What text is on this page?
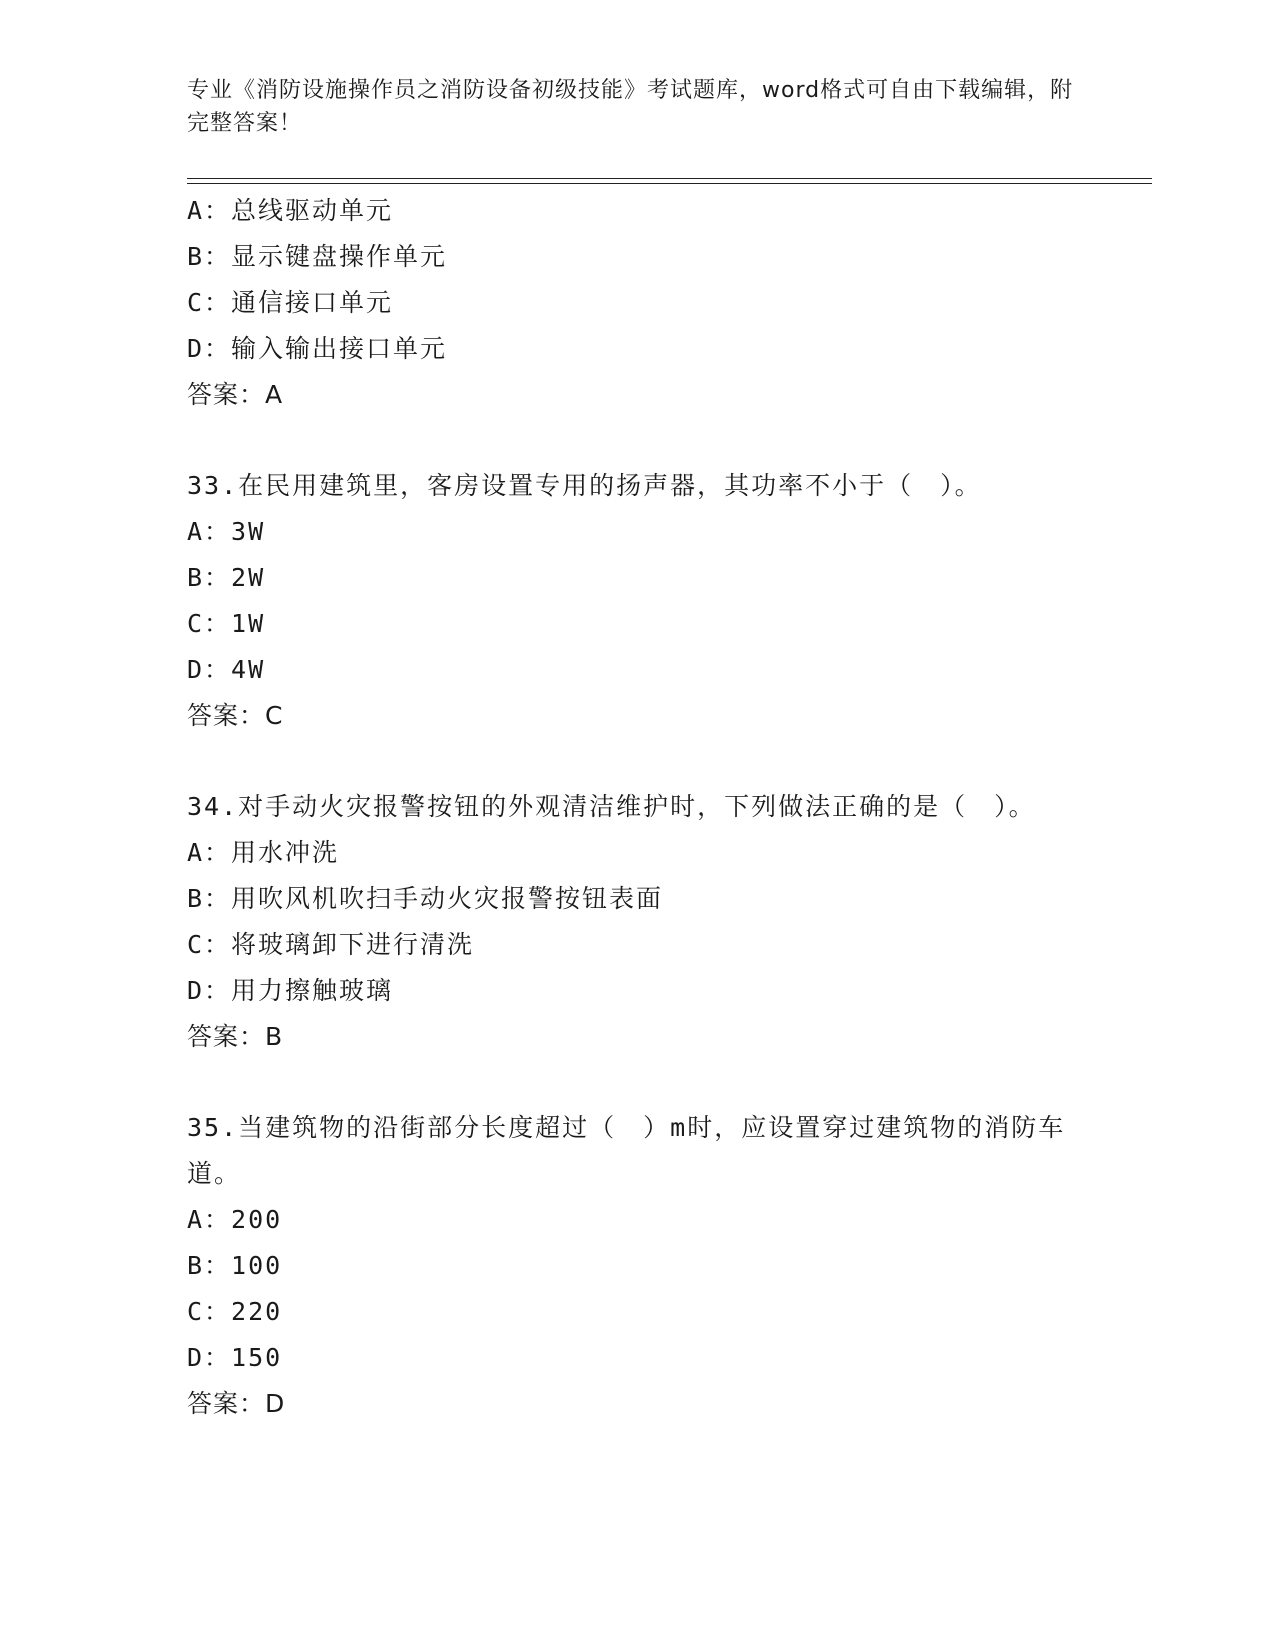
专业《消防设施操作员之消防设备初级技能》考试题库，word格式可自由下载编辑，附完整答案！
A：总线驱动单元
B：显示键盘操作单元
C：通信接口单元
D：输入输出接口单元
答案：A
33.在民用建筑里，客房设置专用的扬声器，其功率不小于（　）。
A：3W
B：2W
C：1W
D：4W
答案：C
34.对手动火灾报警按钮的外观清洁维护时，下列做法正确的是（　）。
A：用水冲洗
B：用吹风机吹扫手动火灾报警按钮表面
C：将玻璃卸下进行清洗
D：用力擦触玻璃
答案：B
35.当建筑物的沿街部分长度超过（　）m时，应设置穿过建筑物的消防车道。
A：200
B：100
C：220
D：150
答案：D
